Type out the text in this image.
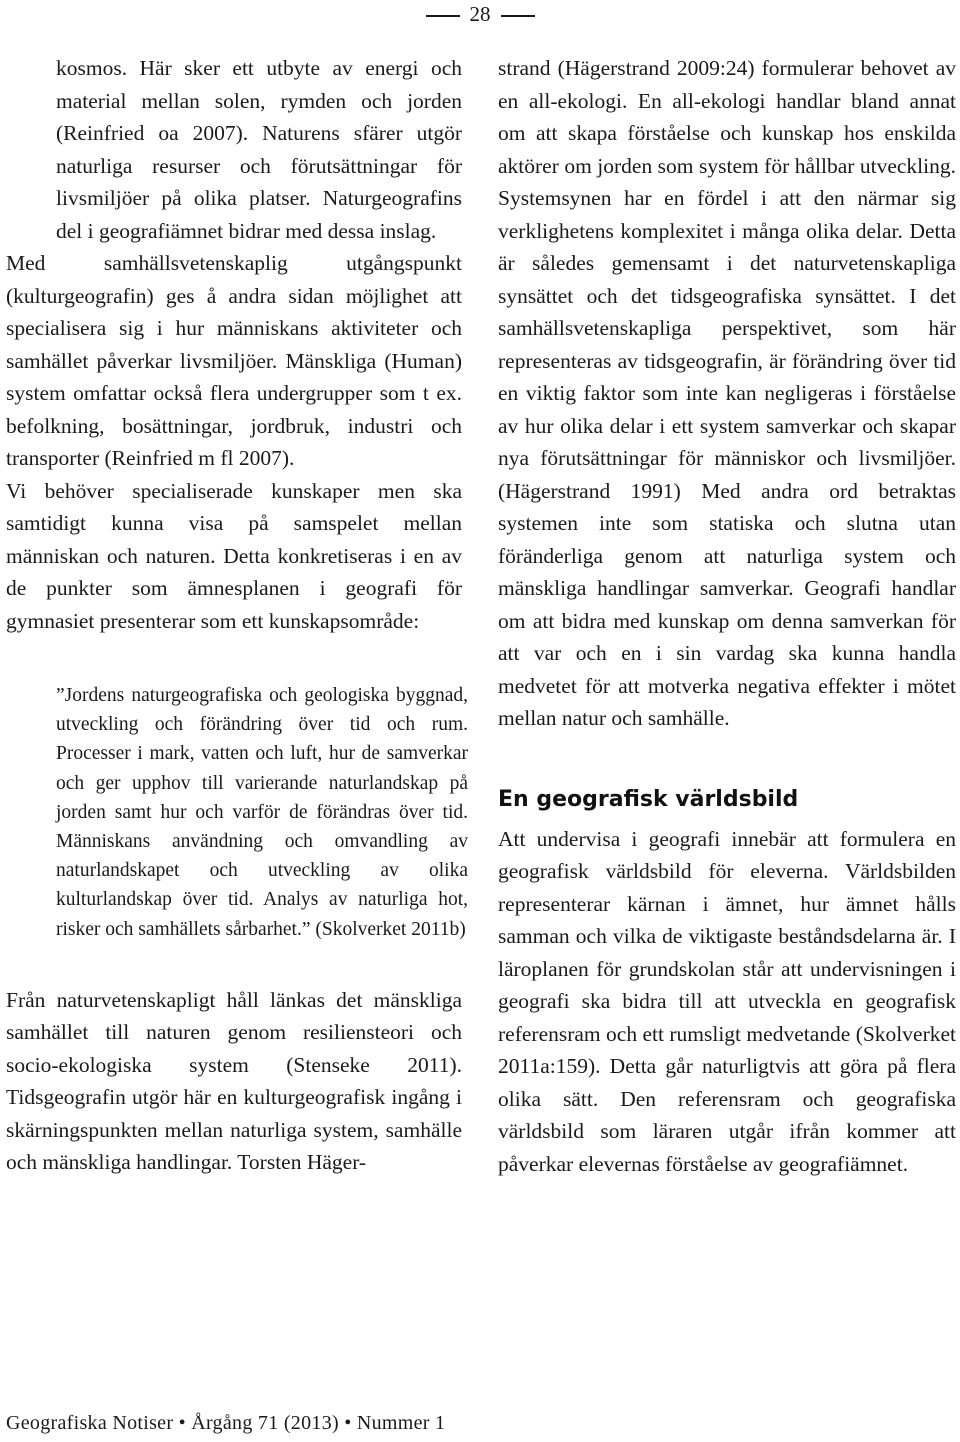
28

kosmos. Här sker ett utbyte av energi och material mellan solen, rymden och jorden (Reinfried oa 2007). Naturens sfärer utgör naturliga resurser och förutsättningar för livsmiljöer på olika platser. Naturgeografins del i geografiämnet bidrar med dessa inslag.

Med samhällsvetenskaplig utgångspunkt (kulturgeografin) ges å andra sidan möjlighet att specialisera sig i hur människans aktiviteter och samhället påverkar livsmiljöer. Mänskliga (Human) system omfattar också flera undergrupper som t ex. befolkning, bosättningar, jordbruk, industri och transporter (Reinfried m fl 2007).

Vi behöver specialiserade kunskaper men ska samtidigt kunna visa på samspelet mellan människan och naturen. Detta konkretiseras i en av de punkter som ämnesplanen i geografi för gymnasiet presenterar som ett kunskapsområde:

”Jordens naturgeografiska och geologiska byggnad, utveckling och förändring över tid och rum. Processer i mark, vatten och luft, hur de samverkar och ger upphov till varierande naturlandskap på jorden samt hur och varför de förändras över tid. Människans användning och omvandling av naturlandskapet och utveckling av olika kulturlandskap över tid. Analys av naturliga hot, risker och samhällets sårbarhet.” (Skolverket 2011b)

Från naturvetenskapligt håll länkas det mänskliga samhället till naturen genom resiliensteori och socio-ekologiska system (Stenseke 2011). Tidsgeografin utgör här en kulturgeografisk ingång i skärningspunkten mellan naturliga system, samhälle och mänskliga handlingar. Torsten Häger-

strand (Hägerstrand 2009:24) formulerar behovet av en all-ekologi. En all-ekologi handlar bland annat om att skapa förståelse och kunskap hos enskilda aktörer om jorden som system för hållbar utveckling. Systemsynen har en fördel i att den närmar sig verklighetens komplexitet i många olika delar. Detta är således gemensamt i det naturvetenskapliga synsättet och det tidsgeografiska synsättet. I det samhällsvetenskapliga perspektivet, som här representeras av tidsgeografin, är förändring över tid en viktig faktor som inte kan negligeras i förståelse av hur olika delar i ett system samverkar och skapar nya förutsättningar för människor och livsmiljöer. (Hägerstrand 1991) Med andra ord betraktas systemen inte som statiska och slutna utan föränderliga genom att naturliga system och mänskliga handlingar samverkar. Geografi handlar om att bidra med kunskap om denna samverkan för att var och en i sin vardag ska kunna handla medvetet för att motverka negativa effekter i mötet mellan natur och samhälle.

En geografisk världsbild

Att undervisa i geografi innebär att formulera en geografisk världsbild för eleverna. Världsbilden representerar kärnan i ämnet, hur ämnet hålls samman och vilka de viktigaste beståndsdelarna är. I läroplanen för grundskolan står att undervisningen i geografi ska bidra till att utveckla en geografisk referensram och ett rumsligt medvetande (Skolverket 2011a:159). Detta går naturligtvis att göra på flera olika sätt. Den referensram och geografiska världsbild som läraren utgår ifrån kommer att påverkar elevernas förståelse av geografiämnet.

Geografiska Notiser • Årgång 71 (2013) • Nummer 1
